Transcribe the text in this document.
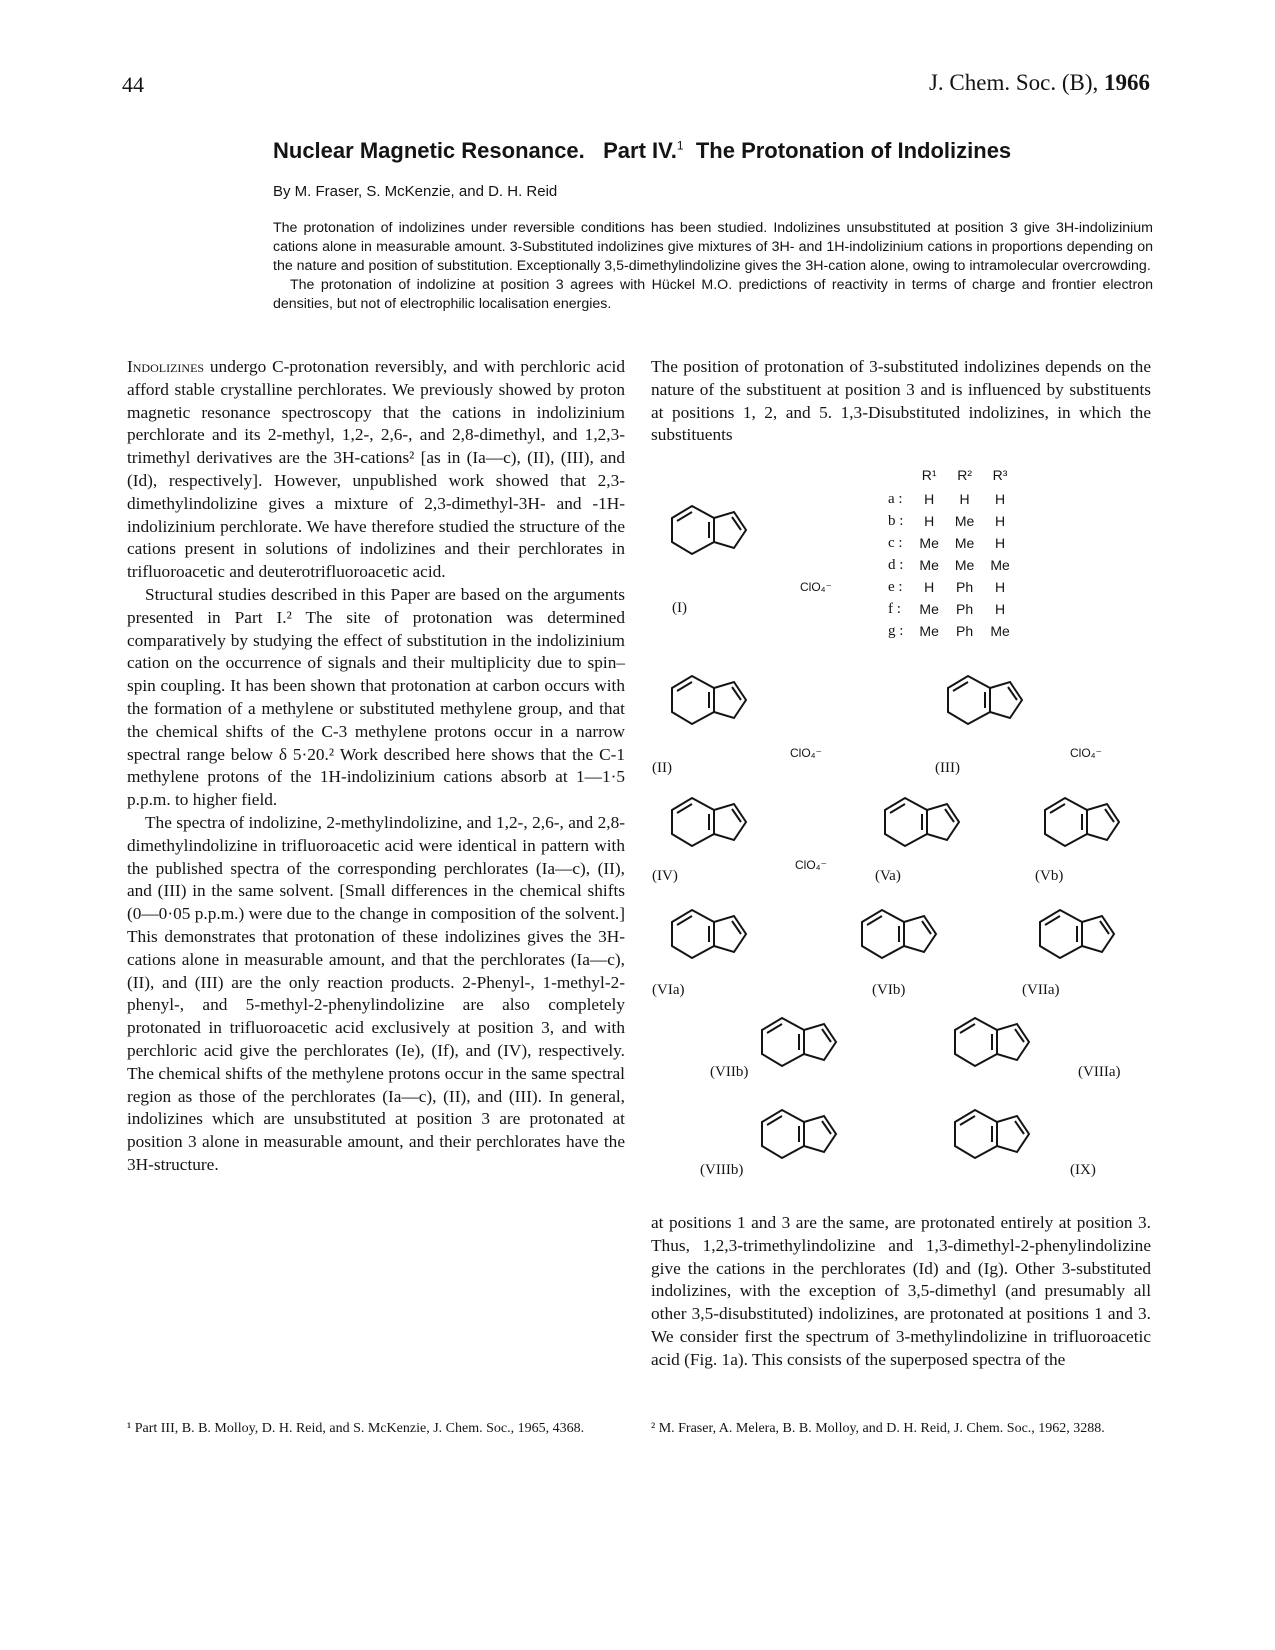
44	J. Chem. Soc. (B), 1966
Nuclear Magnetic Resonance. Part IV.$^1$ The Protonation of Indolizines
By M. Fraser, S. McKenzie, and D. H. Reid

The protonation of indolizines under reversible conditions has been studied. Indolizines unsubstituted at position 3 give 3H-indolizinium cations alone in measurable amount. 3-Substituted indolizines give mixtures of 3H- and 1H-indolizinium cations in proportions depending on the nature and position of substitution. Exceptionally 3,5-dimethylindolizine gives the 3H-cation alone, owing to intramolecular overcrowding.

The protonation of indolizine at position 3 agrees with Hückel M.O. predictions of reactivity in terms of charge and frontier electron densities, but not of electrophilic localisation energies.

Indolizines undergo C-protonation reversibly, and with perchloric acid afford stable crystalline perchlorates. We previously showed by proton magnetic resonance spectroscopy that the cations in indolizinium perchlorate and its 2-methyl, 1,2-, 2,6-, and 2,8-dimethyl, and 1,2,3-trimethyl derivatives are the 3H-cations² [as in (Ia—c), (II), (III), and (Id), respectively]. However, unpublished work showed that 2,3-dimethylindolizine gives a mixture of 2,3-dimethyl-3H- and -1H-indolizinium perchlorate. We have therefore studied the structure of the cations present in solutions of indolizines and their perchlorates in trifluoroacetic and deuterotrifluoroacetic acid.

Structural studies described in this Paper are based on the arguments presented in Part I.² The site of protonation was determined comparatively by studying the effect of substitution in the indolizinium cation on the occurrence of signals and their multiplicity due to spin–spin coupling. It has been shown that protonation at carbon occurs with the formation of a methylene or substituted methylene group, and that the chemical shifts of the C-3 methylene protons occur in a narrow spectral range below δ 5·20.² Work described here shows that the C-1 methylene protons of the 1H-indolizinium cations absorb at 1—1·5 p.p.m. to higher field.

The spectra of indolizine, 2-methylindolizine, and 1,2-, 2,6-, and 2,8-dimethylindolizine in trifluoroacetic acid were identical in pattern with the published spectra of the corresponding perchlorates (Ia—c), (II), and (III) in the same solvent. [Small differences in the chemical shifts (0—0·05 p.p.m.) were due to the change in composition of the solvent.] This demonstrates that protonation of these indolizines gives the 3H-cations alone in measurable amount, and that the perchlorates (Ia—c), (II), and (III) are the only reaction products. 2-Phenyl-, 1-methyl-2-phenyl-, and 5-methyl-2-phenylindolizine are also completely protonated in trifluoroacetic acid exclusively at position 3, and with perchloric acid give the perchlorates (Ie), (If), and (IV), respectively. The chemical shifts of the methylene protons occur in the same spectral region as those of the perchlorates (Ia—c), (II), and (III). In general, indolizines which are unsubstituted at position 3 are protonated at position 3 alone in measurable amount, and their perchlorates have the 3H-structure.

The position of protonation of 3-substituted indolizines depends on the nature of the substituent at position 3 and is influenced by substituents at positions 1, 2, and 5. 1,3-Disubstituted indolizines, in which the substituents

	R¹	R²	R³
a :	H	H	H
b :	H	Me	H
c :	Me	Me	H
d :	Me	Me	Me
e :	H	Ph	H
f :	Me	Ph	H
g :	Me	Ph	Me
(I)
ClO₄⁻
(II)
ClO₄⁻
(III)
ClO₄⁻
(IV)
ClO₄⁻
(Va)	(Vb)
(VIa)	(VIb)	(VIIa)
(VIIb)	(VIIIa)
(VIIIb)	(IX)

at positions 1 and 3 are the same, are protonated entirely at position 3. Thus, 1,2,3-trimethylindolizine and 1,3-dimethyl-2-phenylindolizine give the cations in the perchlorates (Id) and (Ig). Other 3-substituted indolizines, with the exception of 3,5-dimethyl (and presumably all other 3,5-disubstituted) indolizines, are protonated at positions 1 and 3. We consider first the spectrum of 3-methylindolizine in trifluoroacetic acid (Fig. 1a). This consists of the superposed spectra of the

¹ Part III, B. B. Molloy, D. H. Reid, and S. McKenzie, J. Chem. Soc., 1965, 4368.	² M. Fraser, A. Melera, B. B. Molloy, and D. H. Reid, J. Chem. Soc., 1962, 3288.
